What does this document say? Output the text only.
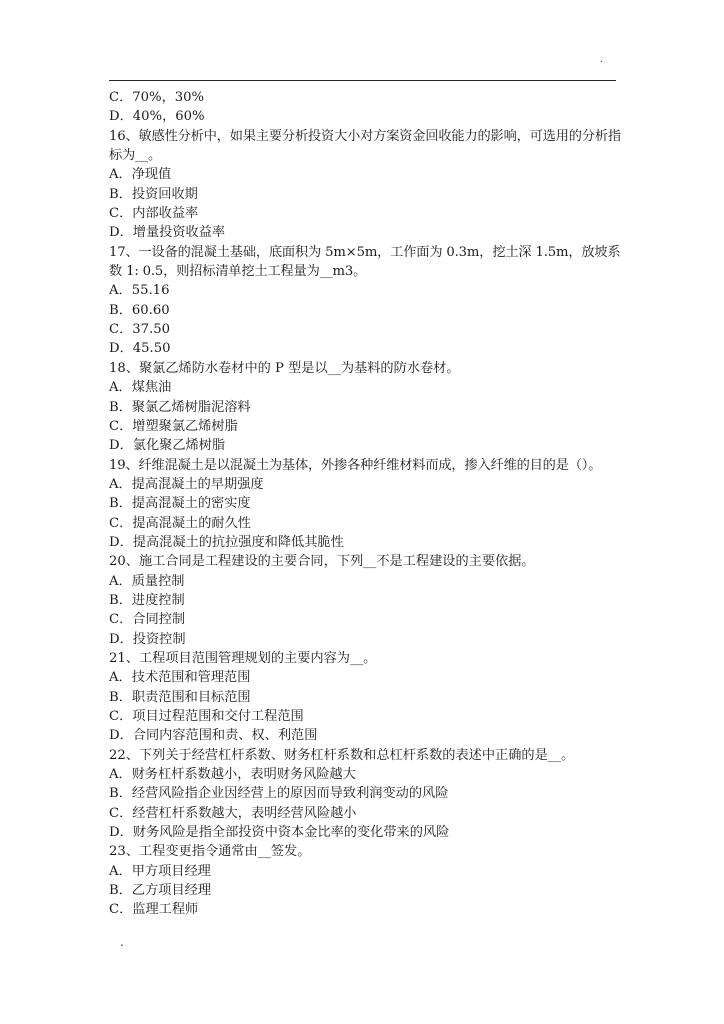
.
C．70%，30%
D．40%，60%
16、敏感性分析中，如果主要分析投资大小对方案资金回收能力的影响，可选用的分析指标为__。
A．净现值
B．投资回收期
C．内部收益率
D．增量投资收益率
17、一设备的混凝土基础，底面积为 5m×5m，工作面为 0.3m，挖土深 1.5m，放坡系数 1: 0.5，则招标清单挖土工程量为__m3。
A．55.16
B．60.60
C．37.50
D．45.50
18、聚氯乙烯防水卷材中的 P 型是以__为基料的防水卷材。
A．煤焦油
B．聚氯乙烯树脂泥溶料
C．增塑聚氯乙烯树脂
D．氯化聚乙烯树脂
19、纤维混凝土是以混凝土为基体，外掺各种纤维材料而成，掺入纤维的目的是（）。
A．提高混凝土的早期强度
B．提高混凝土的密实度
C．提高混凝土的耐久性
D．提高混凝土的抗拉强度和降低其脆性
20、施工合同是工程建设的主要合同，下列__不是工程建设的主要依据。
A．质量控制
B．进度控制
C．合同控制
D．投资控制
21、工程项目范围管理规划的主要内容为__。
A．技术范围和管理范围
B．职责范围和目标范围
C．项目过程范围和交付工程范围
D．合同内容范围和责、权、利范围
22、下列关于经营杠杆系数、财务杠杆系数和总杠杆系数的表述中正确的是__。
A．财务杠杆系数越小，表明财务风险越大
B．经营风险指企业因经营上的原因而导致利润变动的风险
C．经营杠杆系数越大，表明经营风险越小
D．财务风险是指全部投资中资本金比率的变化带来的风险
23、工程变更指令通常由__签发。
A．甲方项目经理
B．乙方项目经理
C．监理工程师
.
